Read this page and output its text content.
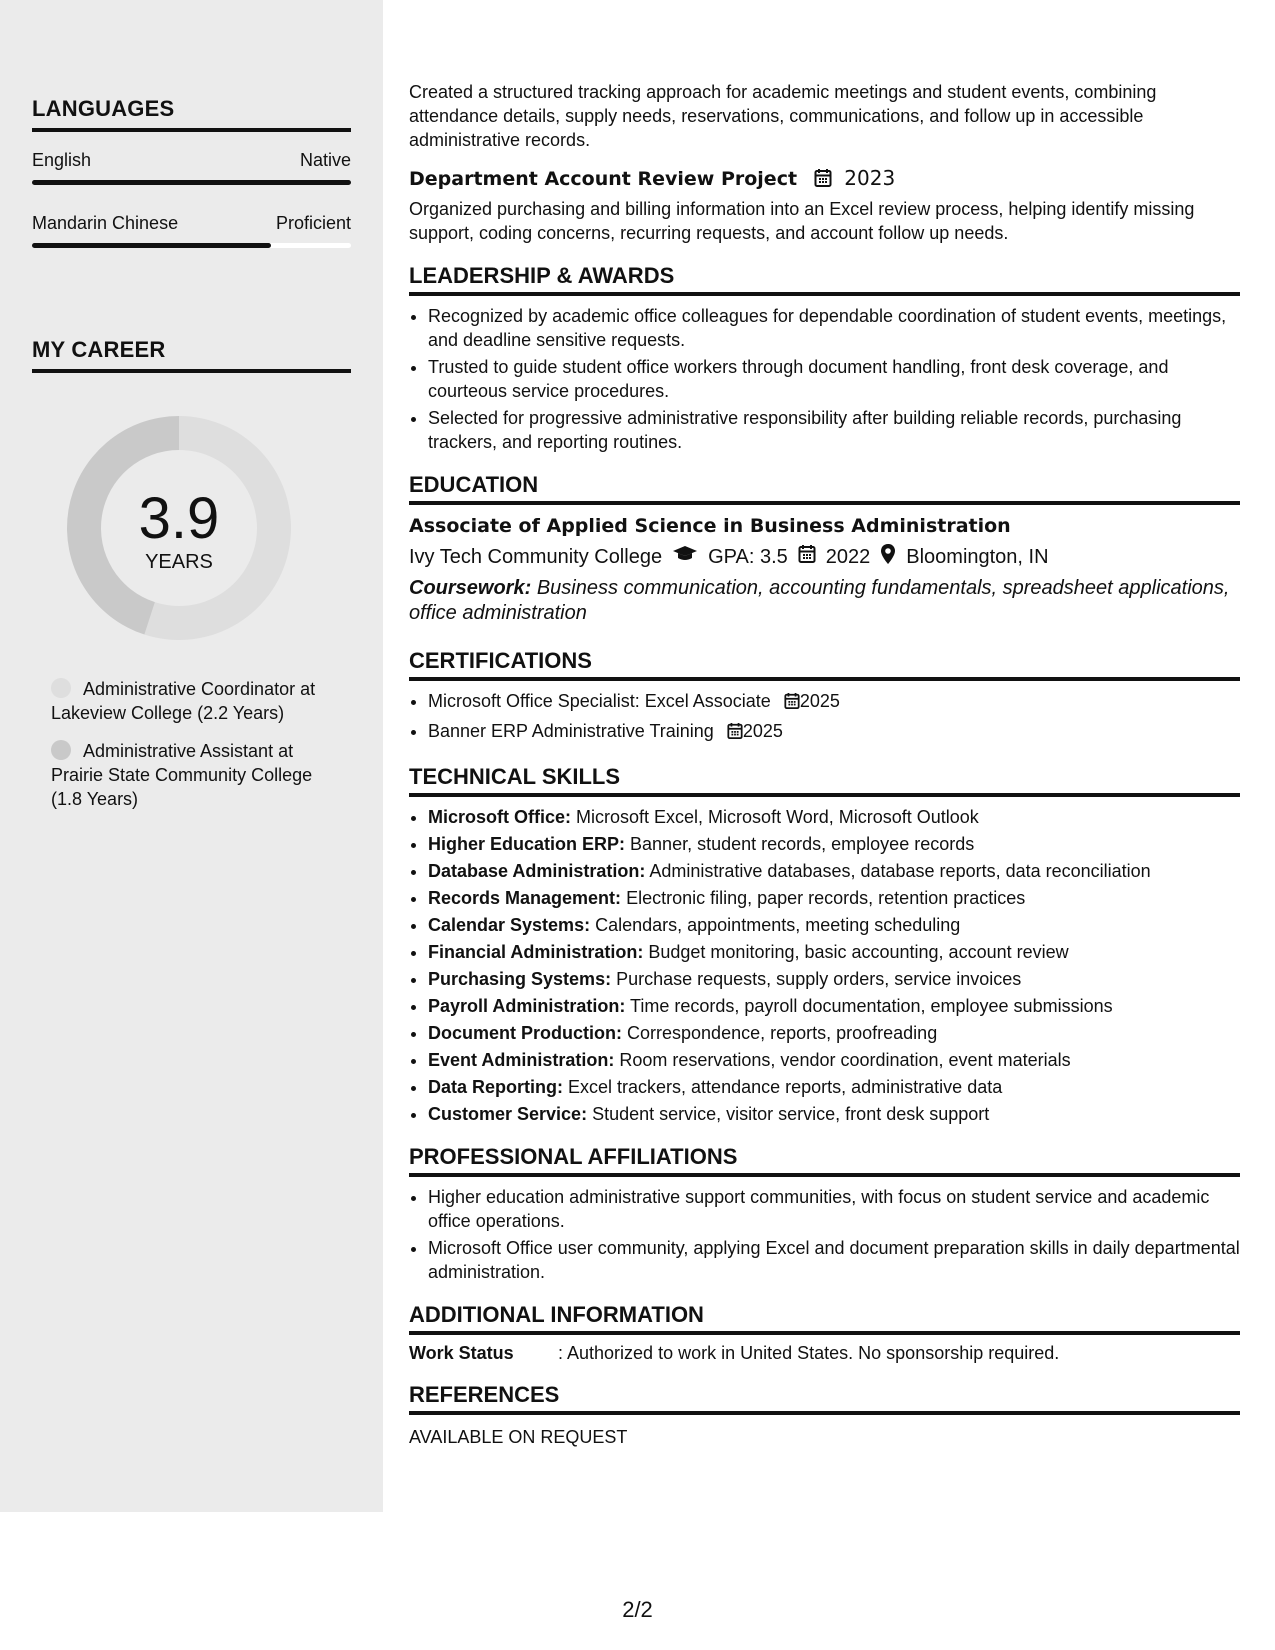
LANGUAGES
English	Native
Mandarin Chinese	Proficient
MY CAREER
3.9
YEARS
Administrative Coordinator at Lakeview College (2.2 Years)
Administrative Assistant at Prairie State Community College (1.8 Years)

Created a structured tracking approach for academic meetings and student events, combining attendance details, supply needs, reservations, communications, and follow up in accessible administrative records.

Department Account Review Project 2023

Organized purchasing and billing information into an Excel review process, helping identify missing support, coding concerns, recurring requests, and account follow up needs.

LEADERSHIP & AWARDS
• Recognized by academic office colleagues for dependable coordination of student events, meetings, and deadline sensitive requests.
• Trusted to guide student office workers through document handling, front desk coverage, and courteous service procedures.
• Selected for progressive administrative responsibility after building reliable records, purchasing trackers, and reporting routines.
EDUCATION
Associate of Applied Science in Business Administration
Ivy Tech Community College GPA: 3.5 2022 Bloomington, IN
Coursework: Business communication, accounting fundamentals, spreadsheet applications, office administration
CERTIFICATIONS
• Microsoft Office Specialist: Excel Associate 2025
• Banner ERP Administrative Training 2025
TECHNICAL SKILLS
• Microsoft Office: Microsoft Excel, Microsoft Word, Microsoft Outlook
• Higher Education ERP: Banner, student records, employee records
• Database Administration: Administrative databases, database reports, data reconciliation
• Records Management: Electronic filing, paper records, retention practices
• Calendar Systems: Calendars, appointments, meeting scheduling
• Financial Administration: Budget monitoring, basic accounting, account review
• Purchasing Systems: Purchase requests, supply orders, service invoices
• Payroll Administration: Time records, payroll documentation, employee submissions
• Document Production: Correspondence, reports, proofreading
• Event Administration: Room reservations, vendor coordination, event materials
• Data Reporting: Excel trackers, attendance reports, administrative data
• Customer Service: Student service, visitor service, front desk support
PROFESSIONAL AFFILIATIONS
• Higher education administrative support communities, with focus on student service and academic office operations.
• Microsoft Office user community, applying Excel and document preparation skills in daily departmental administration.
ADDITIONAL INFORMATION
Work Status	: Authorized to work in United States. No sponsorship required.
REFERENCES

AVAILABLE ON REQUEST

2/2
